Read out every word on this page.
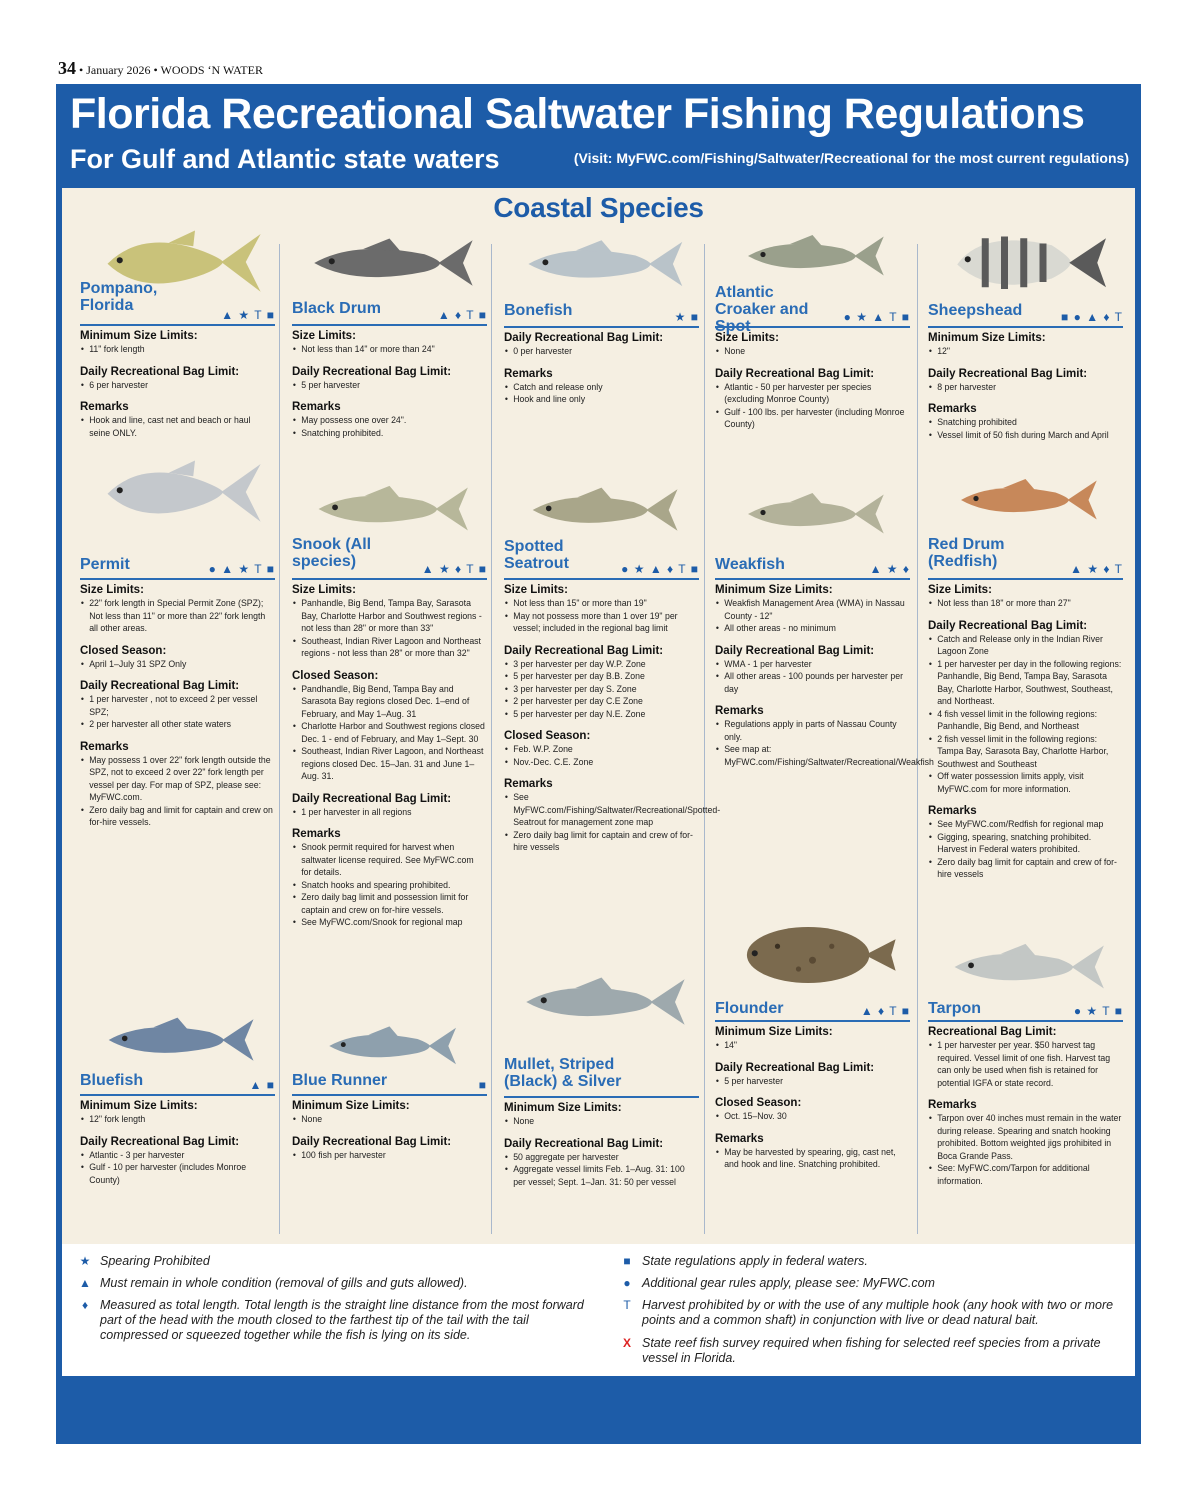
34 • January 2026 • WOODS ‘N WATER
Florida Recreational Saltwater Fishing Regulations
For Gulf and Atlantic state waters	(Visit: MyFWC.com/Fishing/Saltwater/Recreational for the most current regulations)
Coastal Species
Pompano, Florida
▲ ★ T ■
Minimum Size Limits:
• 11" fork length
Daily Recreational Bag Limit:
• 6 per harvester
Remarks
• Hook and line, cast net and beach or haul seine ONLY.
Black Drum	▲ ♦ T ■
Size Limits:
• Not less than 14" or more than 24"
Daily Recreational Bag Limit:
• 5 per harvester
Remarks
• May possess one over 24".
• Snatching prohibited.
Bonefish	★ ■
Daily Recreational Bag Limit:
• 0 per harvester
Remarks
• Catch and release only
• Hook and line only
Atlantic Croaker and Spot
● ★ ▲ T ■
Size Limits:
• None
Daily Recreational Bag Limit:
• Atlantic - 50 per harvester per species (excluding Monroe County)
• Gulf - 100 lbs. per harvester (including Monroe County)
Sheepshead	■ ● ▲ ♦ T
Minimum Size Limits:
• 12"
Daily Recreational Bag Limit:
• 8 per harvester
Remarks
• Snatching prohibited
• Vessel limit of 50 fish during March and April
Permit	● ▲ ★ T ■
Size Limits:
• 22" fork length in Special Permit Zone (SPZ); Not less than 11" or more than 22" fork length all other areas.
Closed Season:
• April 1–July 31 SPZ Only
Daily Recreational Bag Limit:
• 1 per harvester , not to exceed 2 per vessel SPZ;
• 2 per harvester all other state waters
Remarks
• May possess 1 over 22" fork length outside the SPZ, not to exceed 2 over 22" fork length per vessel per day. For map of SPZ, please see: MyFWC.com.
• Zero daily bag and limit for captain and crew on for-hire vessels.
Snook (All species)	▲ ★ ♦ T ■
Size Limits:
• Panhandle, Big Bend, Tampa Bay, Sarasota Bay, Charlotte Harbor and Southwest regions - not less than 28" or more than 33"
• Southeast, Indian River Lagoon and Northeast regions - not less than 28" or more than 32"
Closed Season:
• Pandhandle, Big Bend, Tampa Bay and Sarasota Bay regions closed Dec. 1–end of February, and May 1–Aug. 31
• Charlotte Harbor and Southwest regions closed Dec. 1 - end of February, and May 1–Sept. 30
• Southeast, Indian River Lagoon, and Northeast regions closed Dec. 15–Jan. 31 and June 1–Aug. 31.
Daily Recreational Bag Limit:
• 1 per harvester in all regions
Remarks
• Snook permit required for harvest when saltwater license required. See MyFWC.com for details.
• Snatch hooks and spearing prohibited.
• Zero daily bag limit and possession limit for captain and crew on for-hire vessels.
• See MyFWC.com/Snook for regional map
Spotted Seatrout	● ★ ▲ ♦ T ■
Size Limits:
• Not less than 15" or more than 19"
• May not possess more than 1 over 19" per vessel; included in the regional bag limit
Daily Recreational Bag Limit:
• 3 per harvester per day W.P. Zone
• 5 per harvester per day B.B. Zone
• 3 per harvester per day S. Zone
• 2 per harvester per day C.E Zone
• 5 per harvester per day N.E. Zone
Closed Season:
• Feb. W.P. Zone
• Nov.-Dec. C.E. Zone
Remarks
• See MyFWC.com/Fishing/Saltwater/Recreational/Spotted-Seatrout for management zone map
• Zero daily bag limit for captain and crew of for-hire vessels
Weakfish	▲ ★ ♦
Minimum Size Limits:
• Weakfish Management Area (WMA) in Nassau County - 12"
• All other areas - no minimum
Daily Recreational Bag Limit:
• WMA - 1 per harvester
• All other areas - 100 pounds per harvester per day
Remarks
• Regulations apply in parts of Nassau County only.
• See map at: MyFWC.com/Fishing/Saltwater/Recreational/Weakfish
Red Drum (Redfish)	▲ ★ ♦ T
Size Limits:
• Not less than 18" or more than 27"
Daily Recreational Bag Limit:
• Catch and Release only in the Indian River Lagoon Zone
• 1 per harvester per day in the following regions: Panhandle, Big Bend, Tampa Bay, Sarasota Bay, Charlotte Harbor, Southwest, Southeast, and Northeast.
• 4 fish vessel limit in the following regions: Panhandle, Big Bend, and Northeast
• 2 fish vessel limit in the following regions: Tampa Bay, Sarasota Bay, Charlotte Harbor, Southwest and Southeast
• Off water possession limits apply, visit MyFWC.com for more information.
Remarks
• See MyFWC.com/Redfish for regional map
• Gigging, spearing, snatching prohibited. Harvest in Federal waters prohibited.
• Zero daily bag limit for captain and crew of for-hire vessels
Bluefish	▲ ■
Minimum Size Limits:
• 12" fork length
Daily Recreational Bag Limit:
• Atlantic - 3 per harvester
• Gulf - 10 per harvester (includes Monroe County)
Blue Runner	■
Minimum Size Limits:
• None
Daily Recreational Bag Limit:
• 100 fish per harvester
Mullet, Striped (Black) & Silver
Minimum Size Limits:
• None
Daily Recreational Bag Limit:
• 50 aggregate per harvester
• Aggregate vessel limits Feb. 1–Aug. 31: 100 per vessel; Sept. 1–Jan. 31: 50 per vessel
Flounder	▲ ♦ T ■
Minimum Size Limits:
• 14"
Daily Recreational Bag Limit:
• 5 per harvester
Closed Season:
• Oct. 15–Nov. 30
Remarks
• May be harvested by spearing, gig, cast net, and hook and line. Snatching prohibited.
Tarpon	● ★ T ■
Recreational Bag Limit:
• 1 per harvester per year. $50 harvest tag required. Vessel limit of one fish. Harvest tag can only be used when fish is retained for potential IGFA or state record.
Remarks
• Tarpon over 40 inches must remain in the water during release. Spearing and snatch hooking prohibited. Bottom weighted jigs prohibited in Boca Grande Pass.
• See: MyFWC.com/Tarpon for additional information.
★ Spearing Prohibited
▲ Must remain in whole condition (removal of gills and guts allowed).
♦ Measured as total length. Total length is the straight line distance from the most forward part of the head with the mouth closed to the farthest tip of the tail with the tail compressed or squeezed together while the fish is lying on its side.
■ State regulations apply in federal waters.
● Additional gear rules apply, please see: MyFWC.com
T Harvest prohibited by or with the use of any multiple hook (any hook with two or more points and a common shaft) in conjunction with live or dead natural bait.
X State reef fish survey required when fishing for selected reef species from a private vessel in Florida.
